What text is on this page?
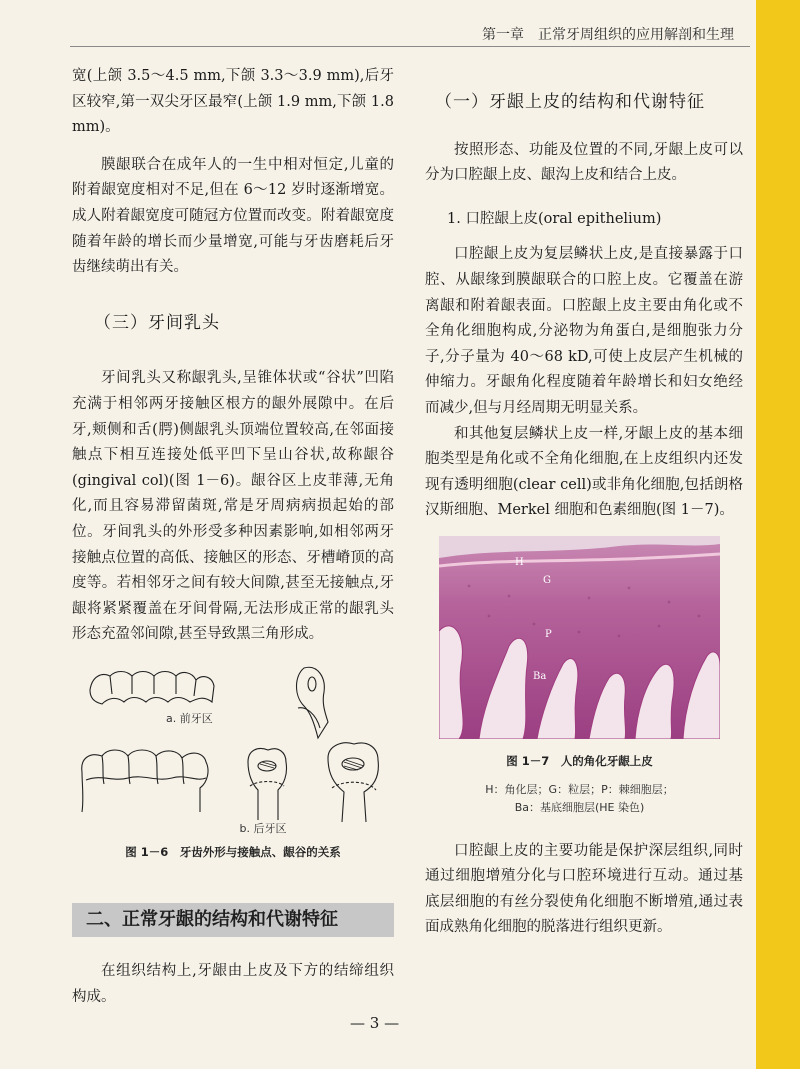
第一章　正常牙周组织的应用解剖和生理

宽(上颌 3.5～4.5 mm,下颌 3.3～3.9 mm),后牙区较窄,第一双尖牙区最窄(上颌 1.9 mm,下颌 1.8 mm)。

膜龈联合在成年人的一生中相对恒定,儿童的附着龈宽度相对不足,但在 6～12 岁时逐渐增宽。成人附着龈宽度可随冠方位置而改变。附着龈宽度随着年龄的增长而少量增宽,可能与牙齿磨耗后牙齿继续萌出有关。

（三）牙间乳头

牙间乳头又称龈乳头,呈锥体状或“谷状”凹陷充满于相邻两牙接触区根方的龈外展隙中。在后牙,颊侧和舌(腭)侧龈乳头顶端位置较高,在邻面接触点下相互连接处低平凹下呈山谷状,故称龈谷(gingival col)(图 1－6)。龈谷区上皮菲薄,无角化,而且容易滞留菌斑,常是牙周病病损起始的部位。牙间乳头的外形受多种因素影响,如相邻两牙接触点位置的高低、接触区的形态、牙槽嵴顶的高度等。若相邻牙之间有较大间隙,甚至无接触点,牙龈将紧紧覆盖在牙间骨隔,无法形成正常的龈乳头形态充盈邻间隙,甚至导致黑三角形成。

a. 前牙区
b. 后牙区
图 1－6　牙齿外形与接触点、龈谷的关系
二、正常牙龈的结构和代谢特征

在组织结构上,牙龈由上皮及下方的结缔组织构成。

（一）牙龈上皮的结构和代谢特征

按照形态、功能及位置的不同,牙龈上皮可以分为口腔龈上皮、龈沟上皮和结合上皮。

1. 口腔龈上皮(oral epithelium)

口腔龈上皮为复层鳞状上皮,是直接暴露于口腔、从龈缘到膜龈联合的口腔上皮。它覆盖在游离龈和附着龈表面。口腔龈上皮主要由角化或不全角化细胞构成,分泌物为角蛋白,是细胞张力分子,分子量为 40～68 kD,可使上皮层产生机械的伸缩力。牙龈角化程度随着年龄增长和妇女绝经而减少,但与月经周期无明显关系。

和其他复层鳞状上皮一样,牙龈上皮的基本细胞类型是角化或不全角化细胞,在上皮组织内还发现有透明细胞(clear cell)或非角化细胞,包括朗格汉斯细胞、Merkel 细胞和色素细胞(图 1－7)。

H
G
P
Ba
图 1－7　人的角化牙龈上皮
H：角化层；G：粒层；P：棘细胞层；
Ba：基底细胞层(HE 染色)

口腔龈上皮的主要功能是保护深层组织,同时通过细胞增殖分化与口腔环境进行互动。通过基底层细胞的有丝分裂使角化细胞不断增殖,通过表面成熟角化细胞的脱落进行组织更新。

— 3 —
